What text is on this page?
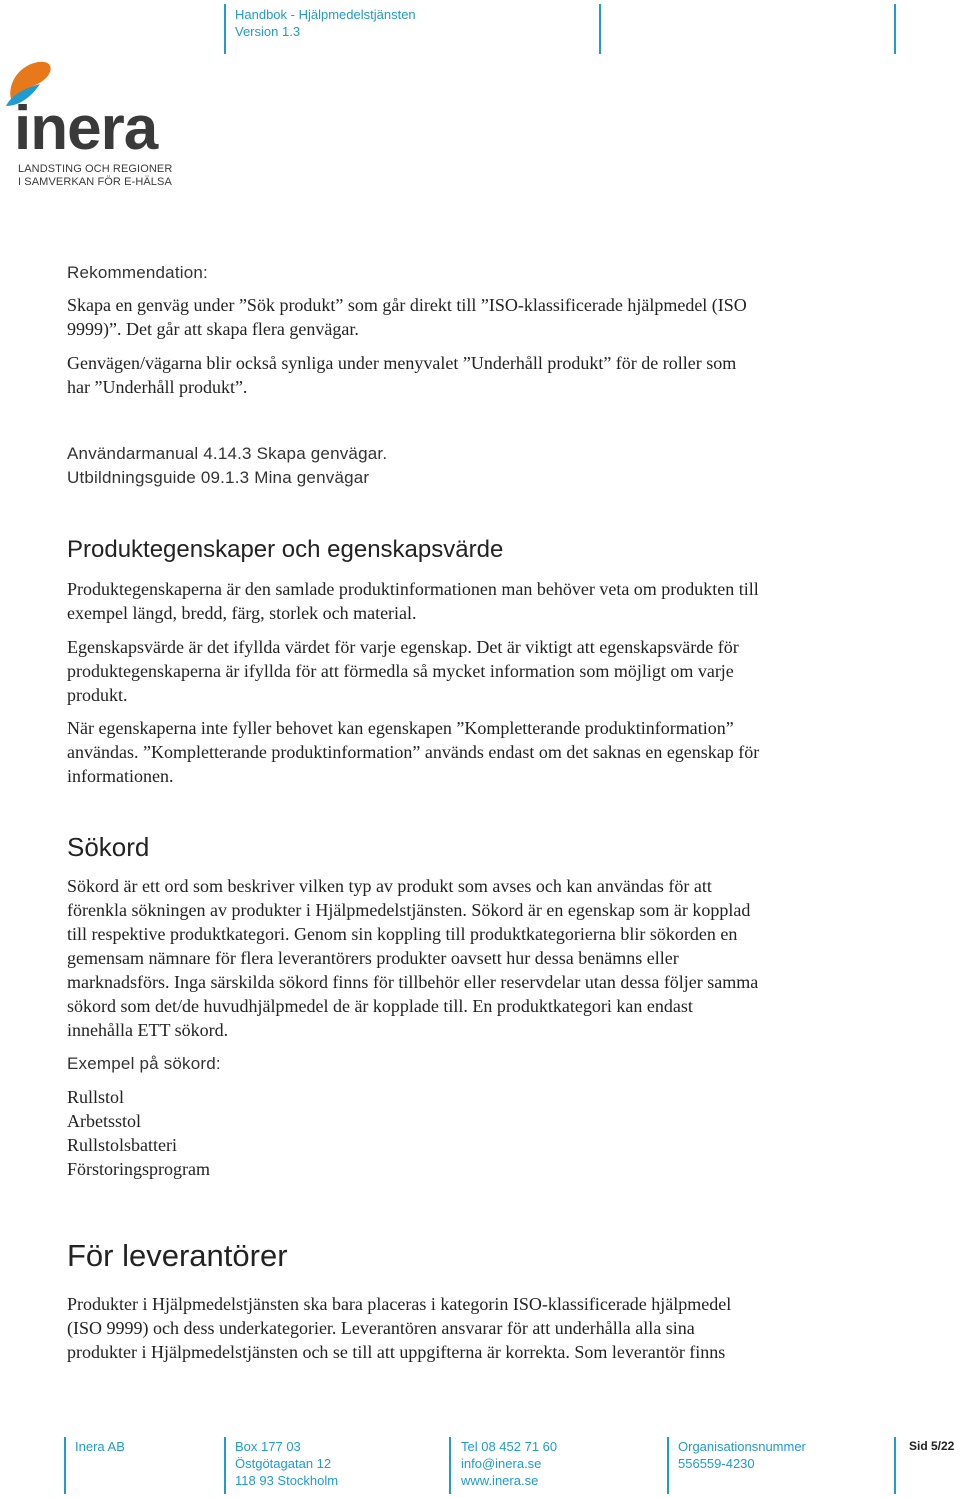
Handbok - Hjälpmedelstjänsten
Version 1.3
inera
LANDSTING OCH REGIONER
I SAMVERKAN FÖR E-HÄLSA
Rekommendation:
Skapa en genväg under ”Sök produkt” som går direkt till ”ISO-klassificerade hjälpmedel (ISO
9999)”. Det går att skapa flera genvägar.
Genvägen/vägarna blir också synliga under menyvalet ”Underhåll produkt” för de roller som
har ”Underhåll produkt”.
Användarmanual 4.14.3 Skapa genvägar.
Utbildningsguide 09.1.3 Mina genvägar
Produktegenskaper och egenskapsvärde
Produktegenskaperna är den samlade produktinformationen man behöver veta om produkten till
exempel längd, bredd, färg, storlek och material.
Egenskapsvärde är det ifyllda värdet för varje egenskap. Det är viktigt att egenskapsvärde för
produktegenskaperna är ifyllda för att förmedla så mycket information som möjligt om varje
produkt.
När egenskaperna inte fyller behovet kan egenskapen ”Kompletterande produktinformation”
användas. ”Kompletterande produktinformation” används endast om det saknas en egenskap för
informationen.
Sökord
Sökord är ett ord som beskriver vilken typ av produkt som avses och kan användas för att
förenkla sökningen av produkter i Hjälpmedelstjänsten. Sökord är en egenskap som är kopplad
till respektive produktkategori. Genom sin koppling till produktkategorierna blir sökorden en
gemensam nämnare för flera leverantörers produkter oavsett hur dessa benämns eller
marknadsförs. Inga särskilda sökord finns för tillbehör eller reservdelar utan dessa följer samma
sökord som det/de huvudhjälpmedel de är kopplade till. En produktkategori kan endast
innehålla ETT sökord.
Exempel på sökord:
Rullstol
Arbetsstol
Rullstolsbatteri
Förstoringsprogram
För leverantörer
Produkter i Hjälpmedelstjänsten ska bara placeras i kategorin ISO-klassificerade hjälpmedel
(ISO 9999) och dess underkategorier. Leverantören ansvarar för att underhålla alla sina
produkter i Hjälpmedelstjänsten och se till att uppgifterna är korrekta. Som leverantör finns
Inera AB	Box 177 03
Östgötagatan 12
118 93 Stockholm
Tel 08 452 71 60
info@inera.se
www.inera.se
Organisationsnummer
556559-4230
Sid 5/22
